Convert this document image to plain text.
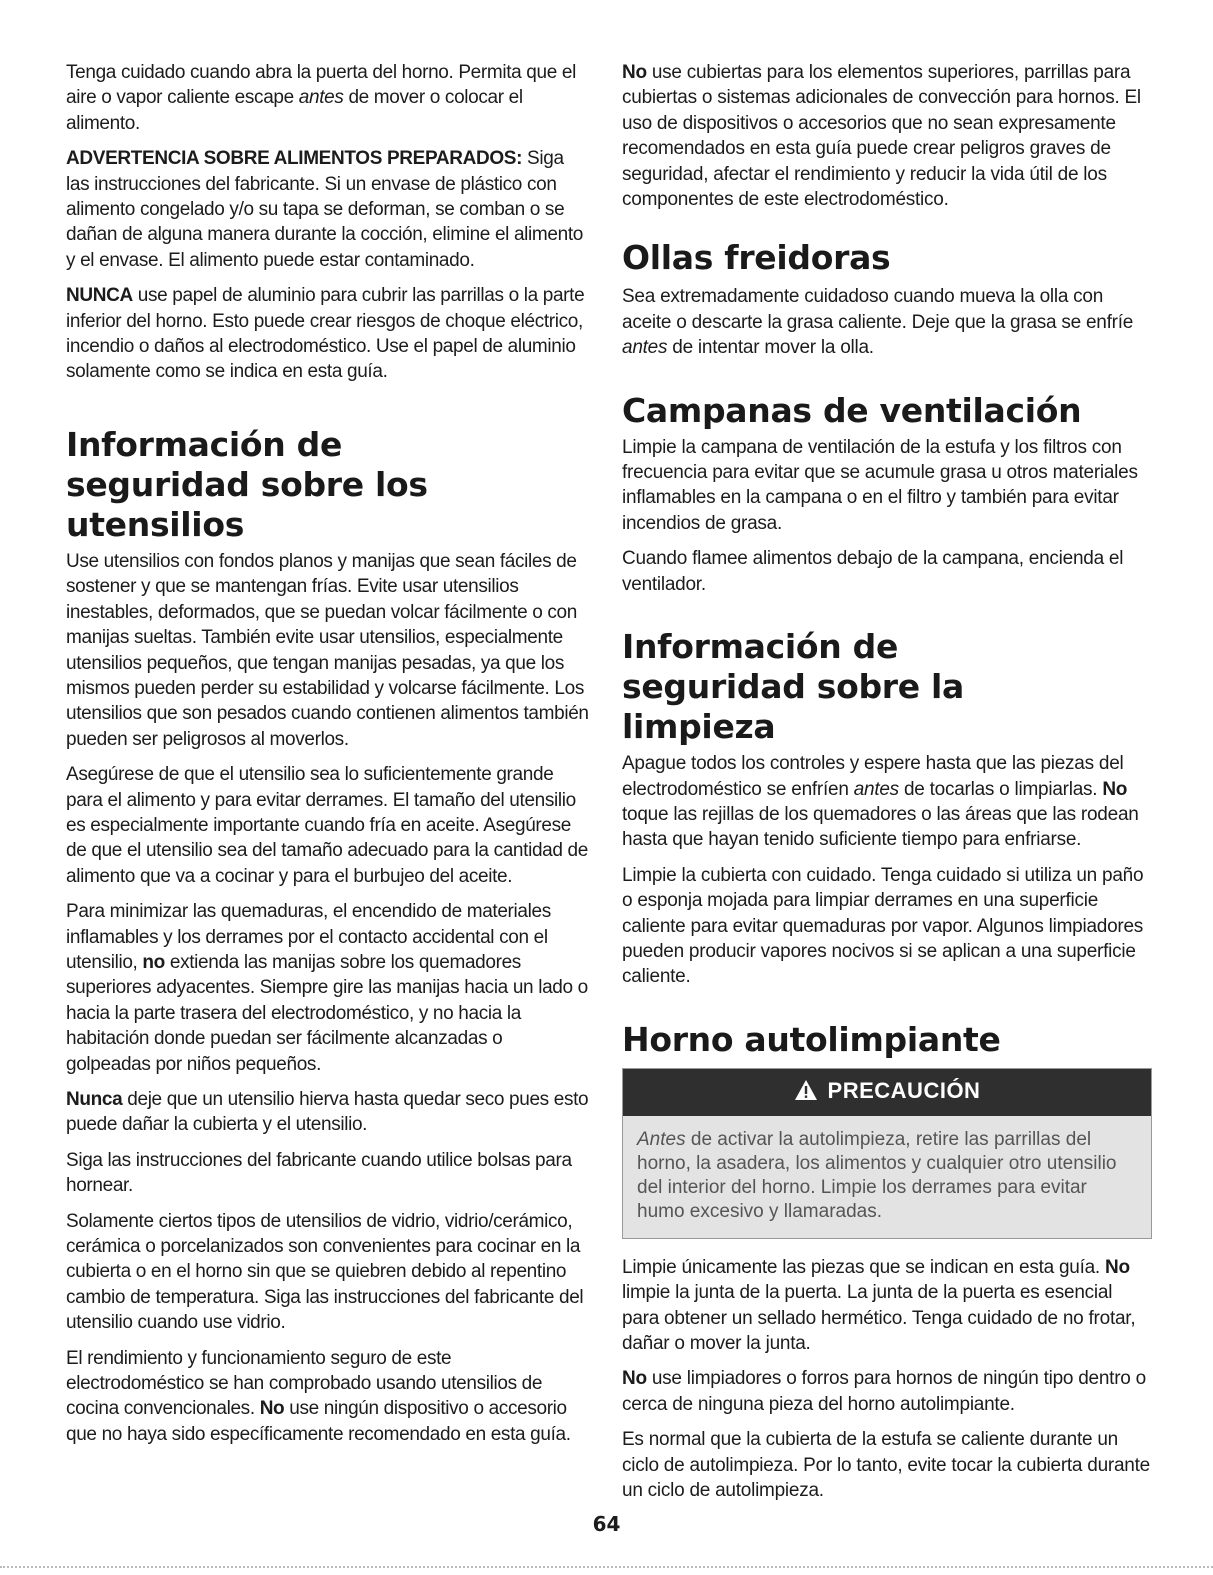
Tenga cuidado cuando abra la puerta del horno. Permita que el aire o vapor caliente escape antes de mover o colocar el alimento.

ADVERTENCIA SOBRE ALIMENTOS PREPARADOS: Siga las instrucciones del fabricante. Si un envase de plástico con alimento congelado y/o su tapa se deforman, se comban o se dañan de alguna manera durante la cocción, elimine el alimento y el envase. El alimento puede estar contaminado.

NUNCA use papel de aluminio para cubrir las parrillas o la parte inferior del horno. Esto puede crear riesgos de choque eléctrico, incendio o daños al electrodoméstico. Use el papel de aluminio solamente como se indica en esta guía.

Información de seguridad sobre los utensilios

Use utensilios con fondos planos y manijas que sean fáciles de sostener y que se mantengan frías. Evite usar utensilios inestables, deformados, que se puedan volcar fácilmente o con manijas sueltas. También evite usar utensilios, especialmente utensilios pequeños, que tengan manijas pesadas, ya que los mismos pueden perder su estabilidad y volcarse fácilmente. Los utensilios que son pesados cuando contienen alimentos también pueden ser peligrosos al moverlos.

Asegúrese de que el utensilio sea lo suficientemente grande para el alimento y para evitar derrames. El tamaño del utensilio es especialmente importante cuando fría en aceite. Asegúrese de que el utensilio sea del tamaño adecuado para la cantidad de alimento que va a cocinar y para el burbujeo del aceite.

Para minimizar las quemaduras, el encendido de materiales inflamables y los derrames por el contacto accidental con el utensilio, no extienda las manijas sobre los quemadores superiores adyacentes. Siempre gire las manijas hacia un lado o hacia la parte trasera del electrodoméstico, y no hacia la habitación donde puedan ser fácilmente alcanzadas o golpeadas por niños pequeños.

Nunca deje que un utensilio hierva hasta quedar seco pues esto puede dañar la cubierta y el utensilio.

Siga las instrucciones del fabricante cuando utilice bolsas para hornear.

Solamente ciertos tipos de utensilios de vidrio, vidrio/cerámico, cerámica o porcelanizados son convenientes para cocinar en la cubierta o en el horno sin que se quiebren debido al repentino cambio de temperatura. Siga las instrucciones del fabricante del utensilio cuando use vidrio.

El rendimiento y funcionamiento seguro de este electrodoméstico se han comprobado usando utensilios de cocina convencionales. No use ningún dispositivo o accesorio que no haya sido específicamente recomendado en esta guía.

No use cubiertas para los elementos superiores, parrillas para cubiertas o sistemas adicionales de convección para hornos. El uso de dispositivos o accesorios que no sean expresamente recomendados en esta guía puede crear peligros graves de seguridad, afectar el rendimiento y reducir la vida útil de los componentes de este electrodoméstico.

Ollas freidoras

Sea extremadamente cuidadoso cuando mueva la olla con aceite o descarte la grasa caliente. Deje que la grasa se enfríe antes de intentar mover la olla.

Campanas de ventilación

Limpie la campana de ventilación de la estufa y los filtros con frecuencia para evitar que se acumule grasa u otros materiales inflamables en la campana o en el filtro y también para evitar incendios de grasa.

Cuando flamee alimentos debajo de la campana, encienda el ventilador.

Información de seguridad sobre la limpieza

Apague todos los controles y espere hasta que las piezas del electrodoméstico se enfríen antes de tocarlas o limpiarlas. No toque las rejillas de los quemadores o las áreas que las rodean hasta que hayan tenido suficiente tiempo para enfriarse.

Limpie la cubierta con cuidado. Tenga cuidado si utiliza un paño o esponja mojada para limpiar derrames en una superficie caliente para evitar quemaduras por vapor. Algunos limpiadores pueden producir vapores nocivos si se aplican a una superficie caliente.

Horno autolimpiante
PRECAUCIÓN
Antes de activar la autolimpieza, retire las parrillas del horno, la asadera, los alimentos y cualquier otro utensilio del interior del horno. Limpie los derrames para evitar humo excesivo y llamaradas.

Limpie únicamente las piezas que se indican en esta guía. No limpie la junta de la puerta. La junta de la puerta es esencial para obtener un sellado hermético. Tenga cuidado de no frotar, dañar o mover la junta.

No use limpiadores o forros para hornos de ningún tipo dentro o cerca de ninguna pieza del horno autolimpiante.

Es normal que la cubierta de la estufa se caliente durante un ciclo de autolimpieza. Por lo tanto, evite tocar la cubierta durante un ciclo de autolimpieza.

64
